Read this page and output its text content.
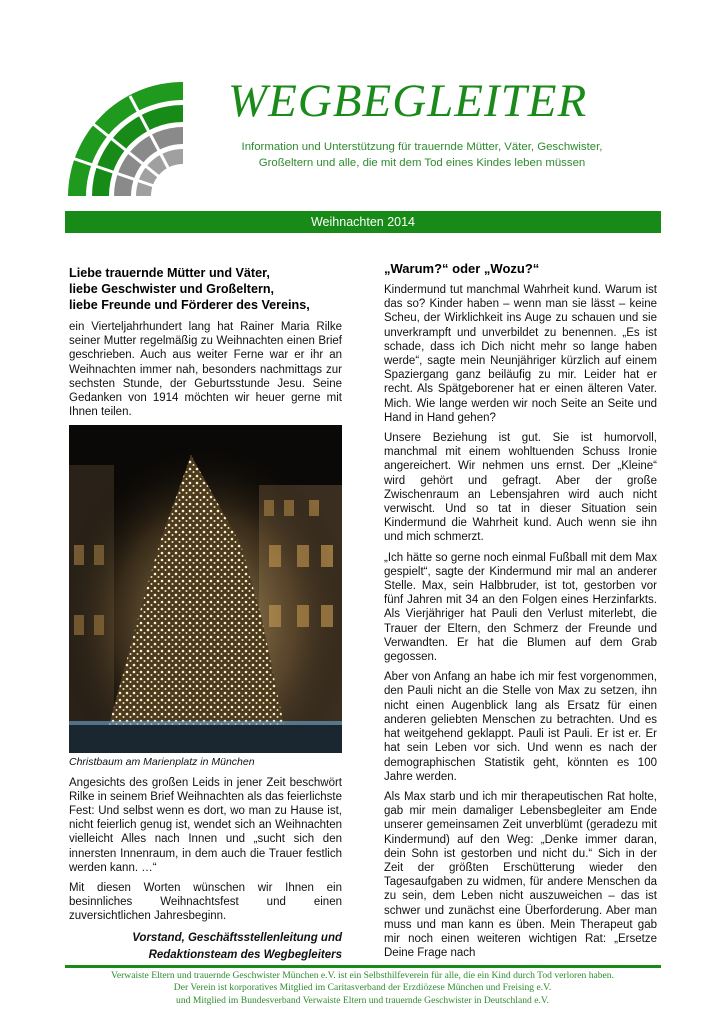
WEGBEGLEITER
Information und Unterstützung für trauernde Mütter, Väter, Geschwister,
Großeltern und alle, die mit dem Tod eines Kindes leben müssen
Weihnachten 2014
Liebe trauernde Mütter und Väter,
liebe Geschwister und Großeltern,
liebe Freunde und Förderer des Vereins,

ein Vierteljahrhundert lang hat Rainer Maria Rilke seiner Mutter regelmäßig zu Weihnachten einen Brief geschrieben. Auch aus weiter Ferne war er ihr an Weihnachten immer nah, besonders nachmittags zur sechsten Stunde, der Geburtsstunde Jesu. Seine Gedanken von 1914 möchten wir heuer gerne mit Ihnen teilen.

Christbaum am Marienplatz in München

Angesichts des großen Leids in jener Zeit beschwört Rilke in seinem Brief Weihnachten als das feierlichste Fest: Und selbst wenn es dort, wo man zu Hause ist, nicht feierlich genug ist, wendet sich an Weihnachten vielleicht Alles nach Innen und „sucht sich den innersten Innenraum, in dem auch die Trauer festlich werden kann. …“

Mit diesen Worten wünschen wir Ihnen ein besinnliches Weihnachtsfest und einen zuversichtlichen Jahresbeginn.

Vorstand, Geschäftsstellenleitung und
Redaktionsteam des Wegbegleiters
„Warum?“ oder „Wozu?“

Kindermund tut manchmal Wahrheit kund. Warum ist das so? Kinder haben – wenn man sie lässt – keine Scheu, der Wirklichkeit ins Auge zu schauen und sie unverkrampft und unverbildet zu benennen. „Es ist schade, dass ich Dich nicht mehr so lange haben werde“, sagte mein Neunjähriger kürzlich auf einem Spaziergang ganz beiläufig zu mir. Leider hat er recht. Als Spätgeborener hat er einen älteren Vater. Mich. Wie lange werden wir noch Seite an Seite und Hand in Hand gehen?

Unsere Beziehung ist gut. Sie ist humorvoll, manchmal mit einem wohltuenden Schuss Ironie angereichert. Wir nehmen uns ernst. Der „Kleine“ wird gehört und gefragt. Aber der große Zwischenraum an Lebensjahren wird auch nicht verwischt. Und so tat in dieser Situation sein Kindermund die Wahrheit kund. Auch wenn sie ihn und mich schmerzt.

„Ich hätte so gerne noch einmal Fußball mit dem Max gespielt“, sagte der Kindermund mir mal an anderer Stelle. Max, sein Halbbruder, ist tot, gestorben vor fünf Jahren mit 34 an den Folgen eines Herzinfarkts. Als Vierjähriger hat Pauli den Verlust miterlebt, die Trauer der Eltern, den Schmerz der Freunde und Verwandten. Er hat die Blumen auf dem Grab gegossen.

Aber von Anfang an habe ich mir fest vorgenommen, den Pauli nicht an die Stelle von Max zu setzen, ihn nicht einen Augenblick lang als Ersatz für einen anderen geliebten Menschen zu betrachten. Und es hat weitgehend geklappt. Pauli ist Pauli. Er ist er. Er hat sein Leben vor sich. Und wenn es nach der demographischen Statistik geht, könnten es 100 Jahre werden.

Als Max starb und ich mir therapeutischen Rat holte, gab mir mein damaliger Lebensbegleiter am Ende unserer gemeinsamen Zeit unverblümt (geradezu mit Kindermund) auf den Weg: „Denke immer daran, dein Sohn ist gestorben und nicht du.“ Sich in der Zeit der größten Erschütterung wieder den Tagesaufgaben zu widmen, für andere Menschen da zu sein, dem Leben nicht auszuweichen – das ist schwer und zunächst eine Überforderung. Aber man muss und man kann es üben. Mein Therapeut gab mir noch einen weiteren wichtigen Rat: „Ersetze Deine Frage nach

Verwaiste Eltern und trauernde Geschwister München e.V. ist ein Selbsthilfeverein für alle, die ein Kind durch Tod verloren haben.
Der Verein ist korporatives Mitglied im Caritasverband der Erzdiözese München und Freising e.V.
und Mitglied im Bundesverband Verwaiste Eltern und trauernde Geschwister in Deutschland e.V.
